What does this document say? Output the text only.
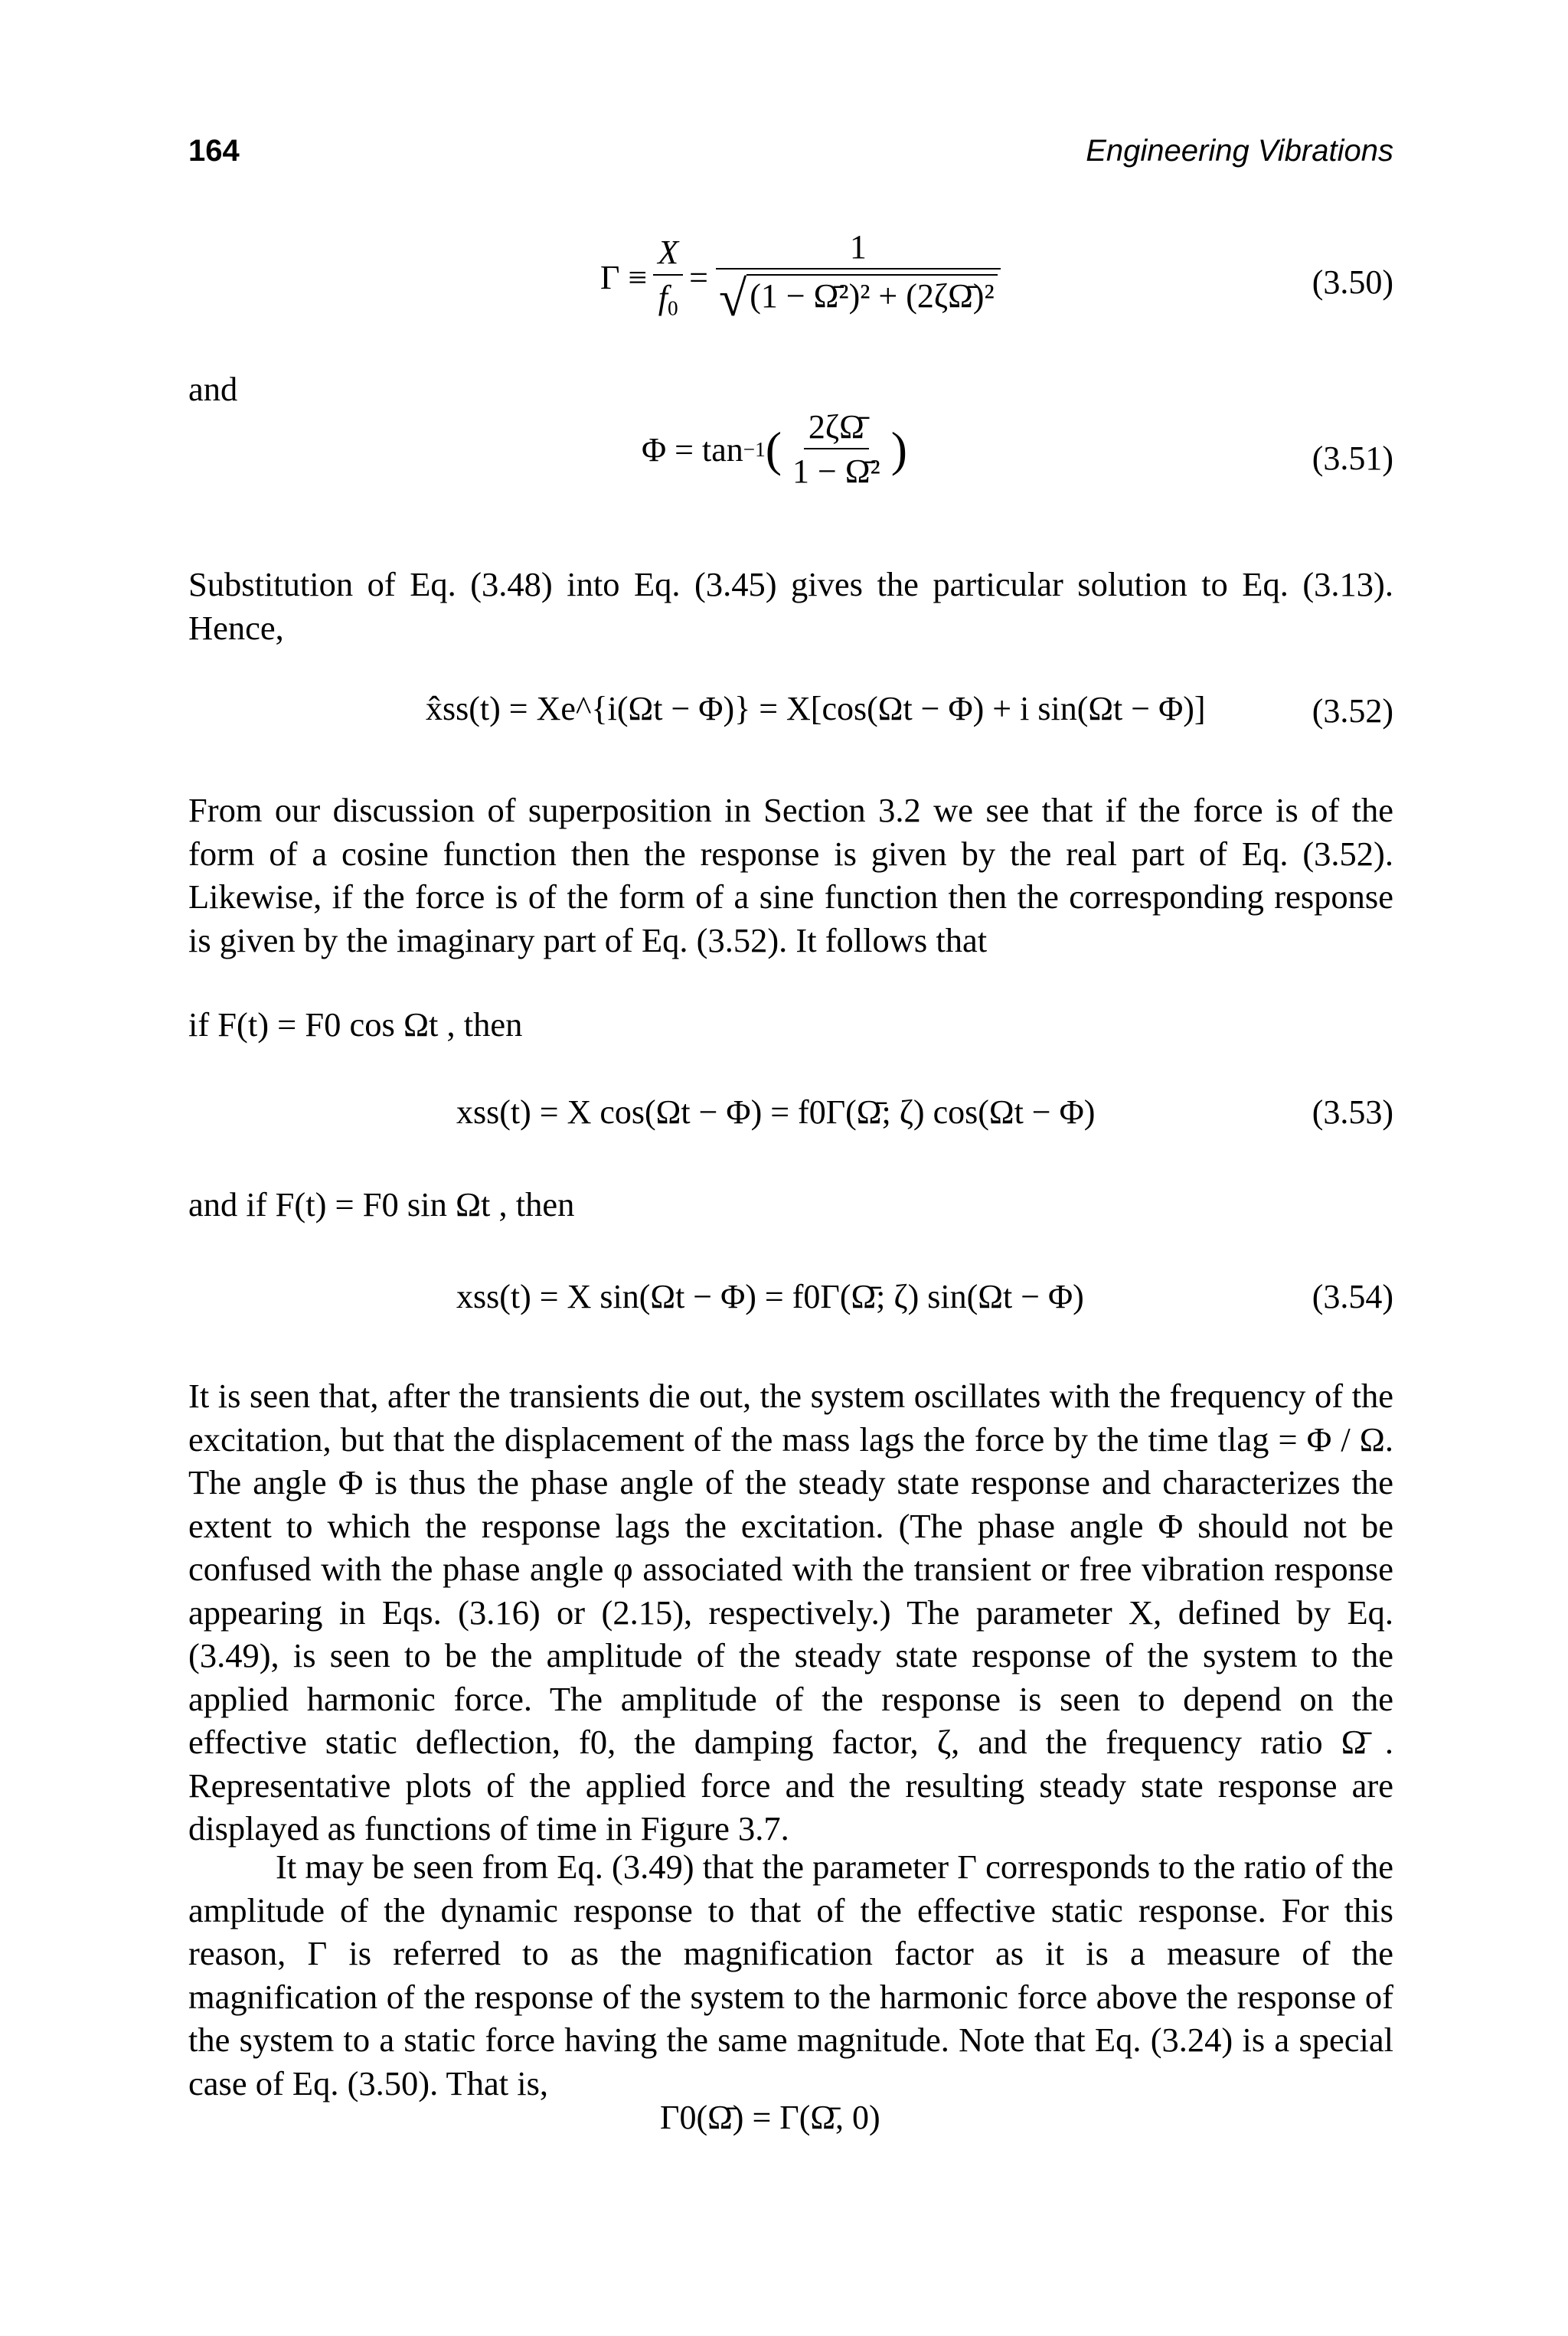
164	Engineering Vibrations
$\Gamma \equiv \frac{X}{f_0} = \frac{1}{\text{√ (1 − Ω̄²)² + (2ζΩ̄)²}}$	(3.50)
and
Φ = tan −1 ( $\frac{2\zeta\Omegā}{\text{1 − Ω̄²}}$ )	(3.51)

Substitution of Eq. (3.48) into Eq. (3.45) gives the particular solution to Eq. (3.13). Hence,

x̂ss(t) = Xe^{i(Ωt − Φ)} = X[cos(Ωt − Φ) + i sin(Ωt − Φ)]	(3.52)

From our discussion of superposition in Section 3.2 we see that if the force is of the form of a cosine function then the response is given by the real part of Eq. (3.52). Likewise, if the force is of the form of a sine function then the corresponding response is given by the imaginary part of Eq. (3.52). It follows that

if F(t) = F0 cos Ωt , then
xss(t) = X cos(Ωt − Φ) = f0Γ(Ω̄; ζ) cos(Ωt − Φ)	(3.53)
and if F(t) = F0 sin Ωt , then
xss(t) = X sin(Ωt − Φ) = f0Γ(Ω̄; ζ) sin(Ωt − Φ)	(3.54)

It is seen that, after the transients die out, the system oscillates with the frequency of the excitation, but that the displacement of the mass lags the force by the time tlag = Φ / Ω. The angle Φ is thus the phase angle of the steady state response and characterizes the extent to which the response lags the excitation. (The phase angle Φ should not be confused with the phase angle φ associated with the transient or free vibration response appearing in Eqs. (3.16) or (2.15), respectively.) The parameter X, defined by Eq. (3.49), is seen to be the amplitude of the steady state response of the system to the applied harmonic force. The amplitude of the response is seen to depend on the effective static deflection, f0, the damping factor, ζ, and the frequency ratio Ω̄ . Representative plots of the applied force and the resulting steady state response are displayed as functions of time in Figure 3.7.

It may be seen from Eq. (3.49) that the parameter Γ corresponds to the ratio of the amplitude of the dynamic response to that of the effective static response. For this reason, Γ is referred to as the magnification factor as it is a measure of the magnification of the response of the system to the harmonic force above the response of the system to a static force having the same magnitude. Note that Eq. (3.24) is a special case of Eq. (3.50). That is,

Γ0(Ω̄) = Γ(Ω̄, 0)
